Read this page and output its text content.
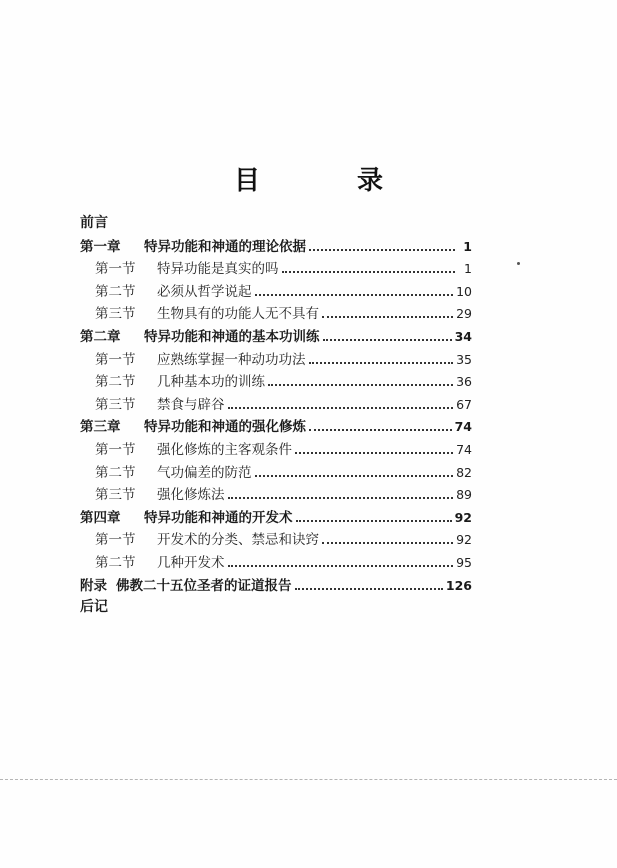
目 录
前言
第一章	特异功能和神通的理论依据	1
第一节	特异功能是真实的吗	1
第二节	必须从哲学说起	10
第三节	生物具有的功能人无不具有	29
第二章	特异功能和神通的基本功训练	34
第一节	应熟练掌握一种动功功法	35
第二节	几种基本功的训练	36
第三节	禁食与辟谷	67
第三章	特异功能和神通的强化修炼	74
第一节	强化修炼的主客观条件	74
第二节	气功偏差的防范	82
第三节	强化修炼法	89
第四章	特异功能和神通的开发术	92
第一节	开发术的分类、禁忌和诀窍	92
第二节	几种开发术	95
附录 佛教二十五位圣者的证道报告	126
后记
